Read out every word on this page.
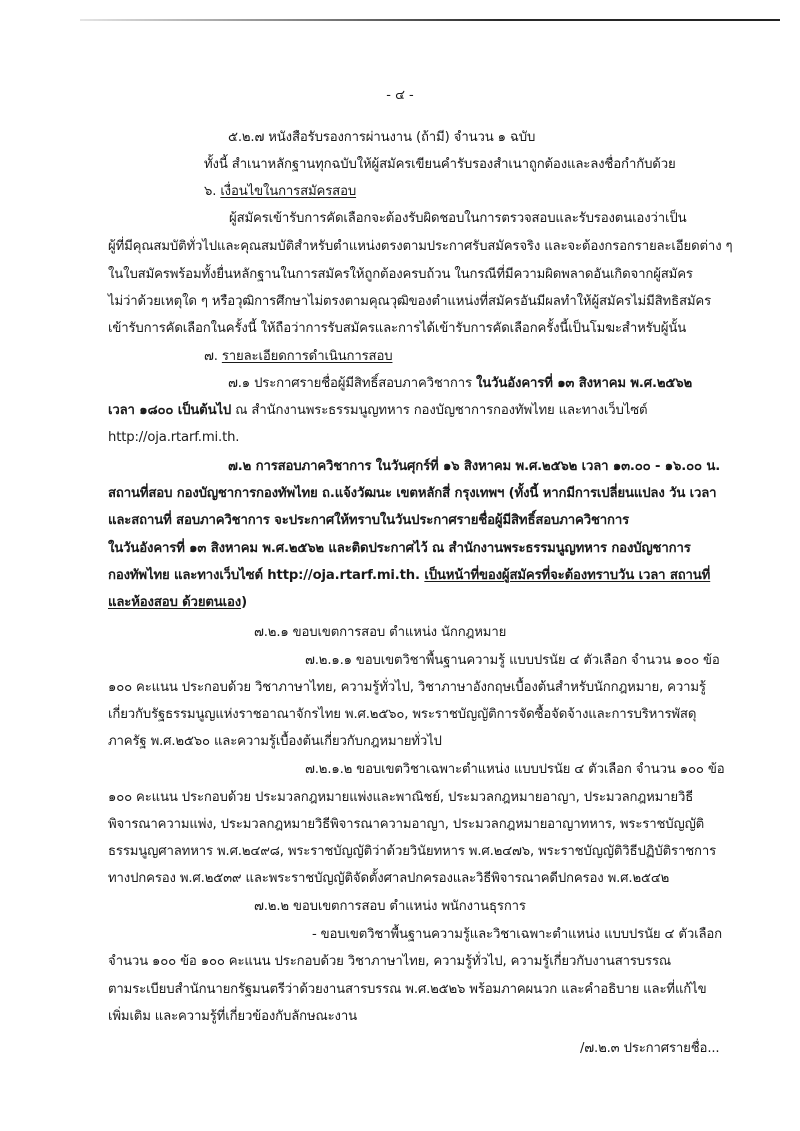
- ๔ -
๕.๒.๗ หนังสือรับรองการผ่านงาน (ถ้ามี) จำนวน ๑ ฉบับ
ทั้งนี้ สำเนาหลักฐานทุกฉบับให้ผู้สมัครเขียนคำรับรองสำเนาถูกต้องและลงชื่อกำกับด้วย
๖. เงื่อนไขในการสมัครสอบ
ผู้สมัครเข้ารับการคัดเลือกจะต้องรับผิดชอบในการตรวจสอบและรับรองตนเองว่าเป็น
ผู้ที่มีคุณสมบัติทั่วไปและคุณสมบัติสำหรับตำแหน่งตรงตามประกาศรับสมัครจริง และจะต้องกรอกรายละเอียดต่าง ๆ
ในใบสมัครพร้อมทั้งยื่นหลักฐานในการสมัครให้ถูกต้องครบถ้วน ในกรณีที่มีความผิดพลาดอันเกิดจากผู้สมัคร
ไม่ว่าด้วยเหตุใด ๆ หรือวุฒิการศึกษาไม่ตรงตามคุณวุฒิของตำแหน่งที่สมัครอันมีผลทำให้ผู้สมัครไม่มีสิทธิสมัคร
เข้ารับการคัดเลือกในครั้งนี้ ให้ถือว่าการรับสมัครและการได้เข้ารับการคัดเลือกครั้งนี้เป็นโมฆะสำหรับผู้นั้น
๗. รายละเอียดการดำเนินการสอบ
๗.๑ ประกาศรายชื่อผู้มีสิทธิ์สอบภาควิชาการ ในวันอังคารที่ ๑๓ สิงหาคม พ.ศ.๒๕๖๒
เวลา ๑๘๐๐ เป็นต้นไป ณ สำนักงานพระธรรมนูญทหาร กองบัญชาการกองทัพไทย และทางเว็บไซต์
http://oja.rtarf.mi.th.
๗.๒ การสอบภาควิชาการ ในวันศุกร์ที่ ๑๖ สิงหาคม พ.ศ.๒๕๖๒ เวลา ๑๓.๐๐ - ๑๖.๐๐ น.
สถานที่สอบ กองบัญชาการกองทัพไทย ถ.แจ้งวัฒนะ เขตหลักสี่ กรุงเทพฯ (ทั้งนี้ หากมีการเปลี่ยนแปลง วัน เวลา
และสถานที่ สอบภาควิชาการ จะประกาศให้ทราบในวันประกาศรายชื่อผู้มีสิทธิ์สอบภาควิชาการ
ในวันอังคารที่ ๑๓ สิงหาคม พ.ศ.๒๕๖๒ และติดประกาศไว้ ณ สำนักงานพระธรรมนูญทหาร กองบัญชาการ
กองทัพไทย และทางเว็บไซต์ http://oja.rtarf.mi.th. เป็นหน้าที่ของผู้สมัครที่จะต้องทราบวัน เวลา สถานที่
และห้องสอบ ด้วยตนเอง)
๗.๒.๑ ขอบเขตการสอบ ตำแหน่ง นักกฎหมาย
๗.๒.๑.๑ ขอบเขตวิชาพื้นฐานความรู้ แบบปรนัย ๔ ตัวเลือก จำนวน ๑๐๐ ข้อ
๑๐๐ คะแนน ประกอบด้วย วิชาภาษาไทย, ความรู้ทั่วไป, วิชาภาษาอังกฤษเบื้องต้นสำหรับนักกฎหมาย, ความรู้
เกี่ยวกับรัฐธรรมนูญแห่งราชอาณาจักรไทย พ.ศ.๒๕๖๐, พระราชบัญญัติการจัดซื้อจัดจ้างและการบริหารพัสดุ
ภาครัฐ พ.ศ.๒๕๖๐ และความรู้เบื้องต้นเกี่ยวกับกฎหมายทั่วไป
๗.๒.๑.๒ ขอบเขตวิชาเฉพาะตำแหน่ง แบบปรนัย ๔ ตัวเลือก จำนวน ๑๐๐ ข้อ
๑๐๐ คะแนน ประกอบด้วย ประมวลกฎหมายแพ่งและพาณิชย์, ประมวลกฎหมายอาญา, ประมวลกฎหมายวิธี
พิจารณาความแพ่ง, ประมวลกฎหมายวิธีพิจารณาความอาญา, ประมวลกฎหมายอาญาทหาร, พระราชบัญญัติ
ธรรมนูญศาลทหาร พ.ศ.๒๔๙๘, พระราชบัญญัติว่าด้วยวินัยทหาร พ.ศ.๒๔๗๖, พระราชบัญญัติวิธีปฏิบัติราชการ
ทางปกครอง พ.ศ.๒๕๓๙ และพระราชบัญญัติจัดตั้งศาลปกครองและวิธีพิจารณาคดีปกครอง พ.ศ.๒๕๔๒
๗.๒.๒ ขอบเขตการสอบ ตำแหน่ง พนักงานธุรการ
- ขอบเขตวิชาพื้นฐานความรู้และวิชาเฉพาะตำแหน่ง แบบปรนัย ๔ ตัวเลือก
จำนวน ๑๐๐ ข้อ ๑๐๐ คะแนน ประกอบด้วย วิชาภาษาไทย, ความรู้ทั่วไป, ความรู้เกี่ยวกับงานสารบรรณ
ตามระเบียบสำนักนายกรัฐมนตรีว่าด้วยงานสารบรรณ พ.ศ.๒๕๒๖ พร้อมภาคผนวก และคำอธิบาย และที่แก้ไข
เพิ่มเติม และความรู้ที่เกี่ยวข้องกับลักษณะงาน
/๗.๒.๓ ประกาศรายชื่อ...
